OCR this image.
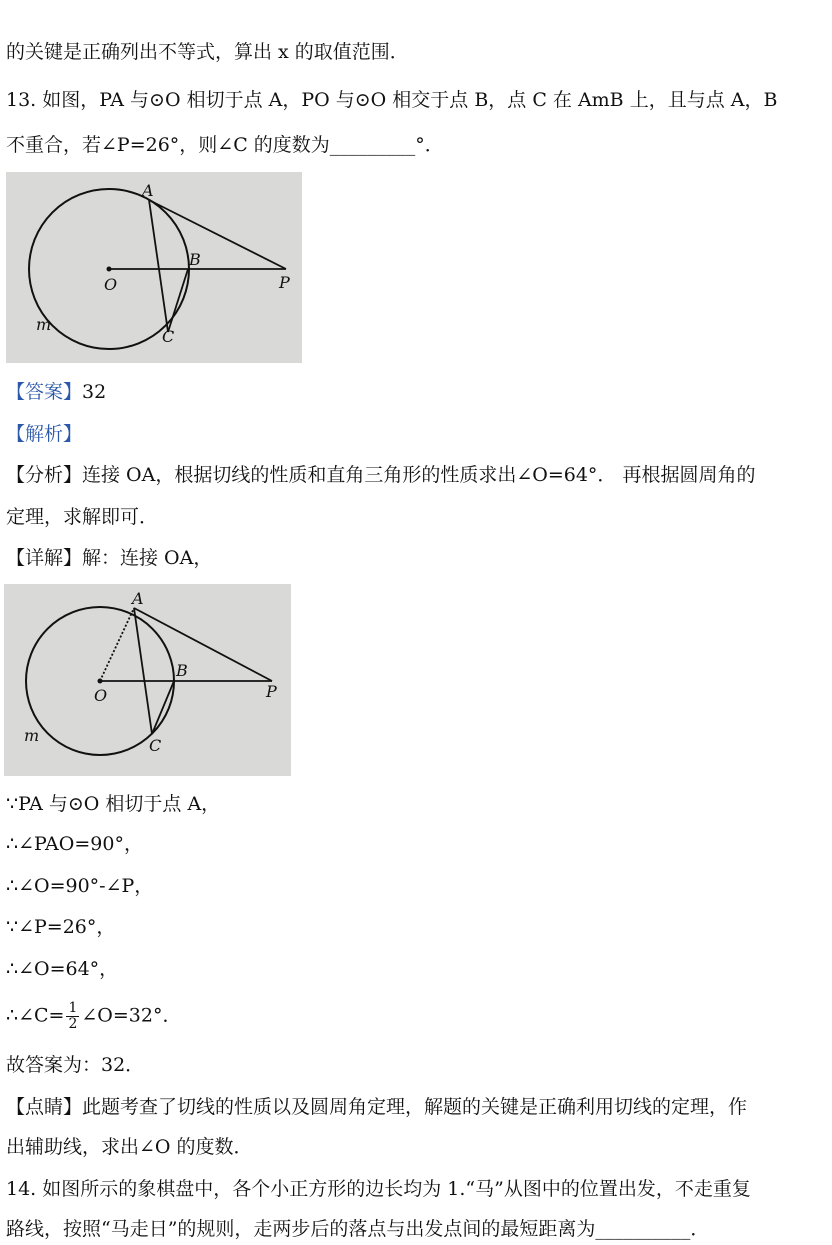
的关键是正确列出不等式，算出 x 的取值范围．
13. 如图，PA 与⊙O 相切于点 A，PO 与⊙O 相交于点 B，点 C 在 AmB 上，且与点 A，B
不重合，若∠P=26°，则∠C 的度数为_________°．
A
B
O	P
C
m
【答案】32
【解析】
【分析】连接 OA，根据切线的性质和直角三角形的性质求出∠O=64°． 再根据圆周角的
定理，求解即可．
【详解】解：连接 OA，
A
B
O	P
C
m
∵PA 与⊙O 相切于点 A，
∴∠PAO=90°，
∴∠O=90°-∠P，
∵∠P=26°，
∴∠O=64°，
∴∠C= $\frac{1}{2}$ ∠O=32°．
故答案为：32．
【点睛】此题考查了切线的性质以及圆周角定理，解题的关键是正确利用切线的定理，作
出辅助线，求出∠O 的度数．
14. 如图所示的象棋盘中，各个小正方形的边长均为 1.“马”从图中的位置出发，不走重复
路线，按照“马走日”的规则，走两步后的落点与出发点间的最短距离为__________．
